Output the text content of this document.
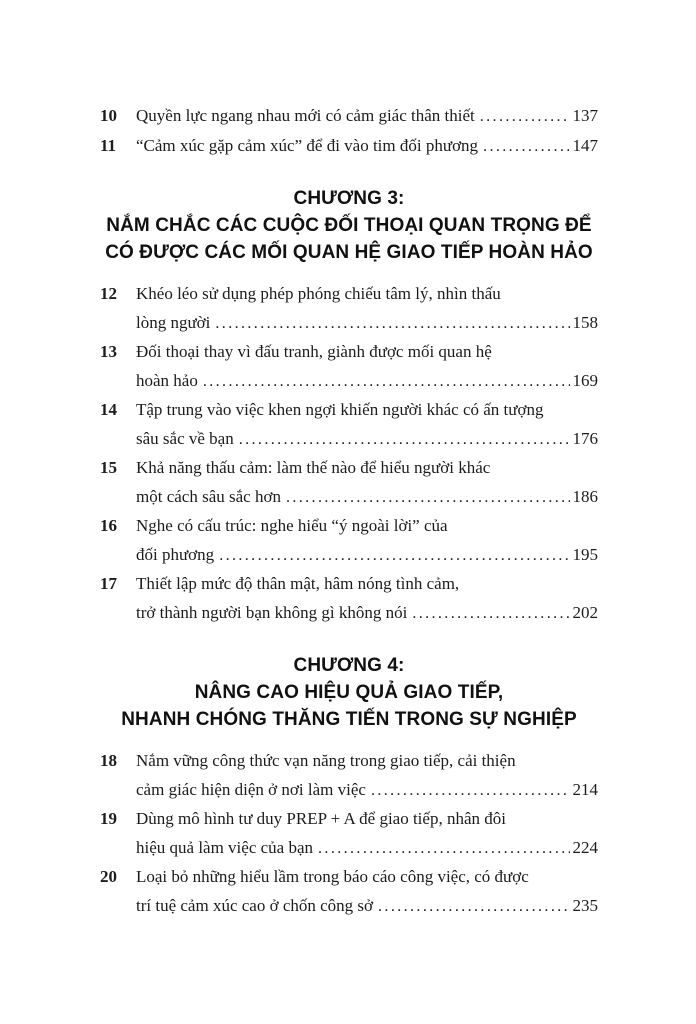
10	Quyền lực ngang nhau mới có cảm giác thân thiết .....	137
11	“Cảm xúc gặp cảm xúc” để đi vào tim đối phương .....	147
CHƯƠNG 3:
NẮM CHẮC CÁC CUỘC ĐỐI THOẠI QUAN TRỌNG ĐỂ
CÓ ĐƯỢC CÁC MỐI QUAN HỆ GIAO TIẾP HOÀN HẢO
12	Khéo léo sử dụng phép phóng chiếu tâm lý, nhìn thấu
lòng người .....	158
13	Đối thoại thay vì đấu tranh, giành được mối quan hệ
hoàn hảo .....	169
14	Tập trung vào việc khen ngợi khiến người khác có ấn tượng
sâu sắc về bạn .....	176
15	Khả năng thấu cảm: làm thế nào để hiểu người khác
một cách sâu sắc hơn .....	186
16	Nghe có cấu trúc: nghe hiểu “ý ngoài lời” của
đối phương .....	195
17	Thiết lập mức độ thân mật, hâm nóng tình cảm,
trở thành người bạn không gì không nói .....	202
CHƯƠNG 4:
NÂNG CAO HIỆU QUẢ GIAO TIẾP,
NHANH CHÓNG THĂNG TIẾN TRONG SỰ NGHIỆP
18	Nắm vững công thức vạn năng trong giao tiếp, cải thiện
cảm giác hiện diện ở nơi làm việc .....	214
19	Dùng mô hình tư duy PREP + A để giao tiếp, nhân đôi
hiệu quả làm việc của bạn .....	224
20	Loại bỏ những hiểu lầm trong báo cáo công việc, có được
trí tuệ cảm xúc cao ở chốn công sở .....	235
